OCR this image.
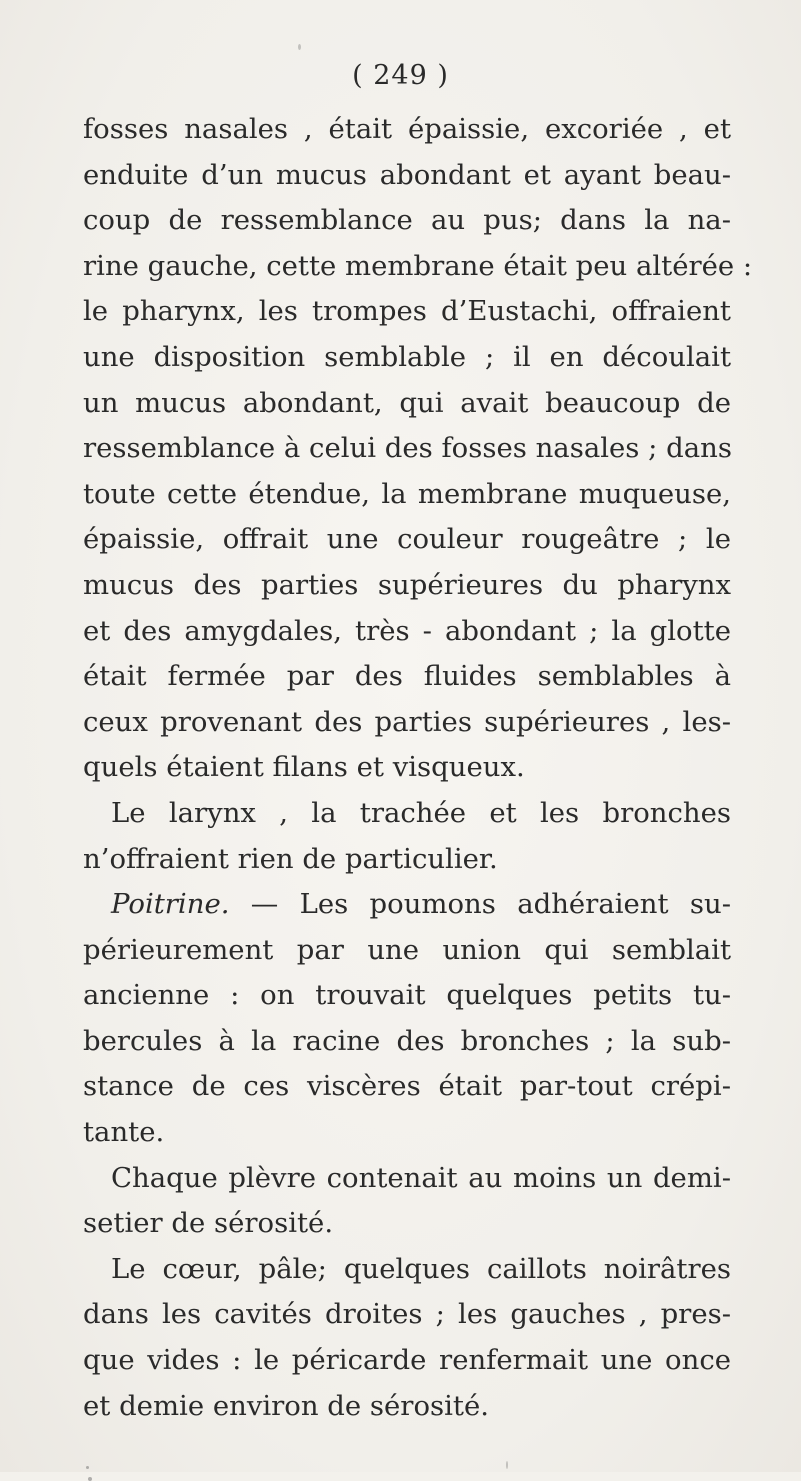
( 249 )
fosses nasales , était épaissie, excoriée , et
enduite d’un mucus abondant et ayant beau-
coup de ressemblance au pus; dans la na-
rine gauche, cette membrane était peu altérée :
le pharynx, les trompes d’Eustachi, offraient
une disposition semblable ; il en découlait
un mucus abondant, qui avait beaucoup de
ressemblance à celui des fosses nasales ; dans
toute cette étendue, la membrane muqueuse,
épaissie, offrait une couleur rougeâtre ; le
mucus des parties supérieures du pharynx
et des amygdales, très - abondant ; la glotte
était fermée par des fluides semblables à
ceux provenant des parties supérieures , les-
quels étaient filans et visqueux.
Le larynx , la trachée et les bronches
n’offraient rien de particulier.
Poitrine. — Les poumons adhéraient su-
périeurement par une union qui semblait
ancienne : on trouvait quelques petits tu-
bercules à la racine des bronches ; la sub-
stance de ces viscères était par-tout crépi-
tante.
Chaque plèvre contenait au moins un demi-
setier de sérosité.
Le cœur, pâle; quelques caillots noirâtres
dans les cavités droites ; les gauches , pres-
que vides : le péricarde renfermait une once
et demie environ de sérosité.
